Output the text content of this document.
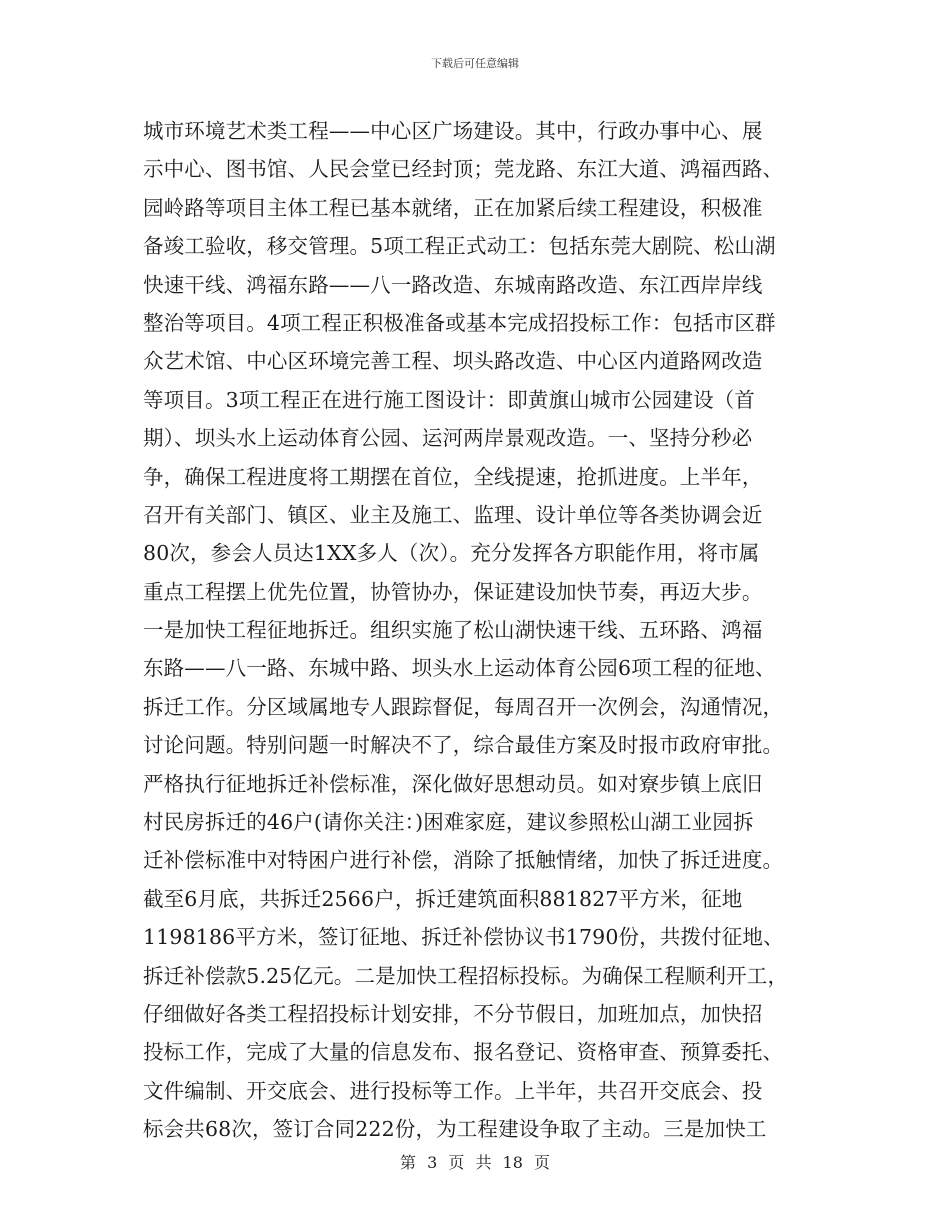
下载后可任意编辑
城市环境艺术类工程——中心区广场建设。其中，行政办事中心、展
示中心、图书馆、人民会堂已经封顶；莞龙路、东江大道、鸿福西路、
园岭路等项目主体工程已基本就绪，正在加紧后续工程建设，积极准
备竣工验收，移交管理。5项工程正式动工：包括东莞大剧院、松山湖
快速干线、鸿福东路——八一路改造、东城南路改造、东江西岸岸线
整治等项目。4项工程正积极准备或基本完成招投标工作：包括市区群
众艺术馆、中心区环境完善工程、坝头路改造、中心区内道路网改造
等项目。3项工程正在进行施工图设计：即黄旗山城市公园建设（首
期）、坝头水上运动体育公园、运河两岸景观改造。一、坚持分秒必
争，确保工程进度将工期摆在首位，全线提速，抢抓进度。上半年，
召开有关部门、镇区、业主及施工、监理、设计单位等各类协调会近
80次，参会人员达1XX多人（次）。充分发挥各方职能作用，将市属
重点工程摆上优先位置，协管协办，保证建设加快节奏，再迈大步。
一是加快工程征地拆迁。组织实施了松山湖快速干线、五环路、鸿福
东路——八一路、东城中路、坝头水上运动体育公园6项工程的征地、
拆迁工作。分区域属地专人跟踪督促，每周召开一次例会，沟通情况，
讨论问题。特别问题一时解决不了，综合最佳方案及时报市政府审批。
严格执行征地拆迁补偿标准，深化做好思想动员。如对寮步镇上底旧
村民房拆迁的46户(请你关注：)困难家庭，建议参照松山湖工业园拆
迁补偿标准中对特困户进行补偿，消除了抵触情绪，加快了拆迁进度。
截至6月底，共拆迁2566户，拆迁建筑面积881827平方米，征地
1198186平方米，签订征地、拆迁补偿协议书1790份，共拨付征地、
拆迁补偿款5.25亿元。二是加快工程招标投标。为确保工程顺利开工，
仔细做好各类工程招投标计划安排，不分节假日，加班加点，加快招
投标工作，完成了大量的信息发布、报名登记、资格审查、预算委托、
文件编制、开交底会、进行投标等工作。上半年，共召开交底会、投
标会共68次，签订合同222份，为工程建设争取了主动。三是加快工
第 3 页 共 18 页
